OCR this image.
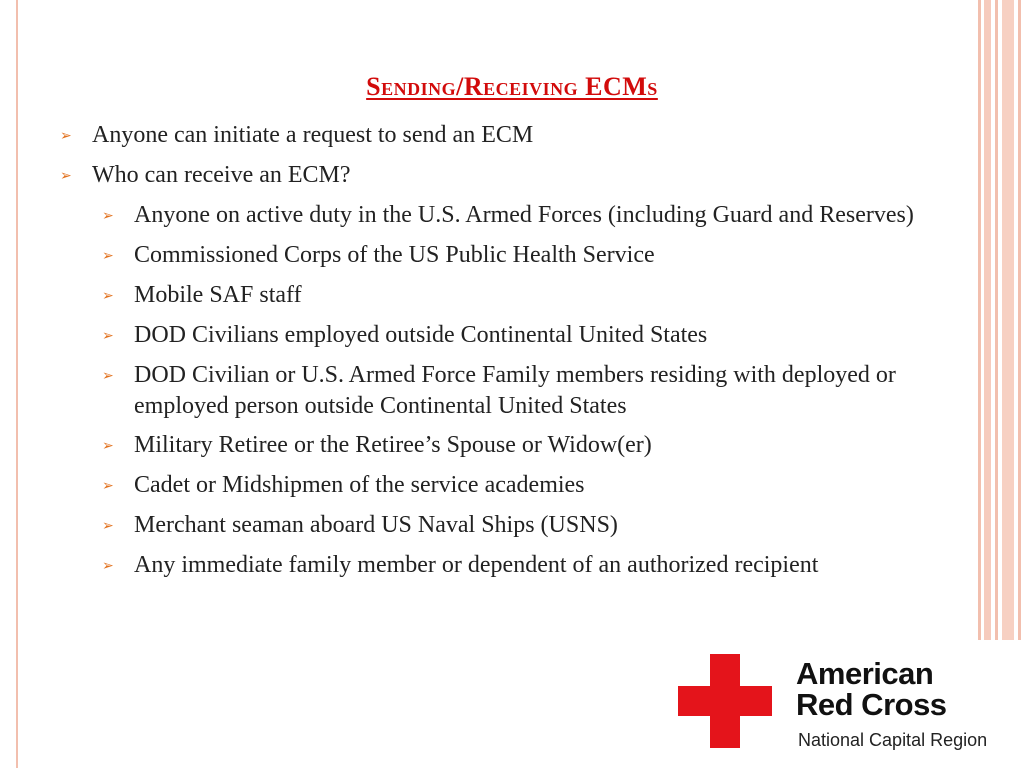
Sending/Receiving ECMs
➢ Anyone can initiate a request to send an ECM
➢ Who can receive an ECM?
➢ Anyone on active duty in the U.S. Armed Forces (including Guard and Reserves)
➢ Commissioned Corps of the US Public Health Service
➢ Mobile SAF staff
➢ DOD Civilians employed outside Continental United States
➢ DOD Civilian or U.S. Armed Force Family members residing with deployed or employed person outside Continental United States
➢ Military Retiree or the Retiree’s Spouse or Widow(er)
➢ Cadet or Midshipmen of the service academies
➢ Merchant seaman aboard US Naval Ships (USNS)
➢ Any immediate family member or dependent of an authorized recipient
American
Red Cross
National Capital Region
